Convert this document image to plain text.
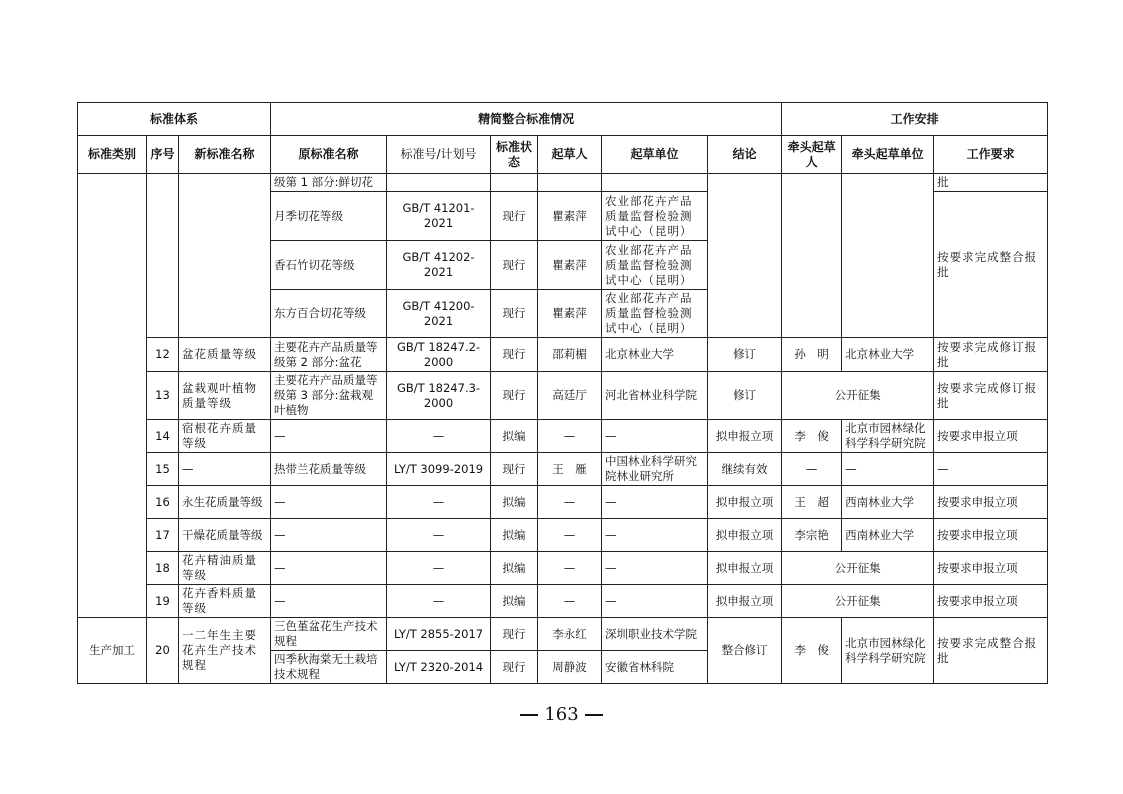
标准体系			精简整合标准情况						工作安排		
标准类别	序号	新标准名称	原标准名称	标准号/计划号	标准状态	起草人	起草单位	结论	牵头起草人	牵头起草单位	工作要求
			级第 1 部分:鲜切花								批
			月季切花等级	GB/T 41201-2021	现行	瞿素萍	农业部花卉产品质量监督检验测试中心（昆明）				按要求完成整合报批
			香石竹切花等级	GB/T 41202-2021	现行	瞿素萍	农业部花卉产品质量监督检验测试中心（昆明）				
			东方百合切花等级	GB/T 41200-2021	现行	瞿素萍	农业部花卉产品质量监督检验测试中心（昆明）				
	12	盆花质量等级	主要花卉产品质量等级第 2 部分:盆花	GB/T 18247.2-2000	现行	邵莉楣	北京林业大学	修订	孙　明	北京林业大学	按要求完成修订报批
	13	盆栽观叶植物质量等级	主要花卉产品质量等级第 3 部分:盆栽观叶植物	GB/T 18247.3-2000	现行	高廷厅	河北省林业科学院	修订	公开征集		按要求完成修订报批
	14	宿根花卉质量等级	—	—	拟编	—	—	拟申报立项	李　俊	北京市园林绿化科学科学研究院	按要求申报立项
	15	—	热带兰花质量等级	LY/T 3099-2019	现行	王　雁	中国林业科学研究院林业研究所	继续有效	—	—	—
	16	永生花质量等级	—	—	拟编	—	—	拟申报立项	王　超	西南林业大学	按要求申报立项
	17	干燥花质量等级	—	—	拟编	—	—	拟申报立项	李宗艳	西南林业大学	按要求申报立项
	18	花卉精油质量等级	—	—	拟编	—	—	拟申报立项	公开征集		按要求申报立项
	19	花卉香料质量等级	—	—	拟编	—	—	拟申报立项	公开征集		按要求申报立项
生产加工	20	一二年生主要花卉生产技术规程	三色堇盆花生产技术规程	LY/T 2855-2017	现行	李永红	深圳职业技术学院	整合修订	李　俊	北京市园林绿化科学科学研究院	按要求完成整合报批
			四季秋海棠无土栽培技术规程	LY/T 2320-2014	现行	周静波	安徽省林科院				
163
